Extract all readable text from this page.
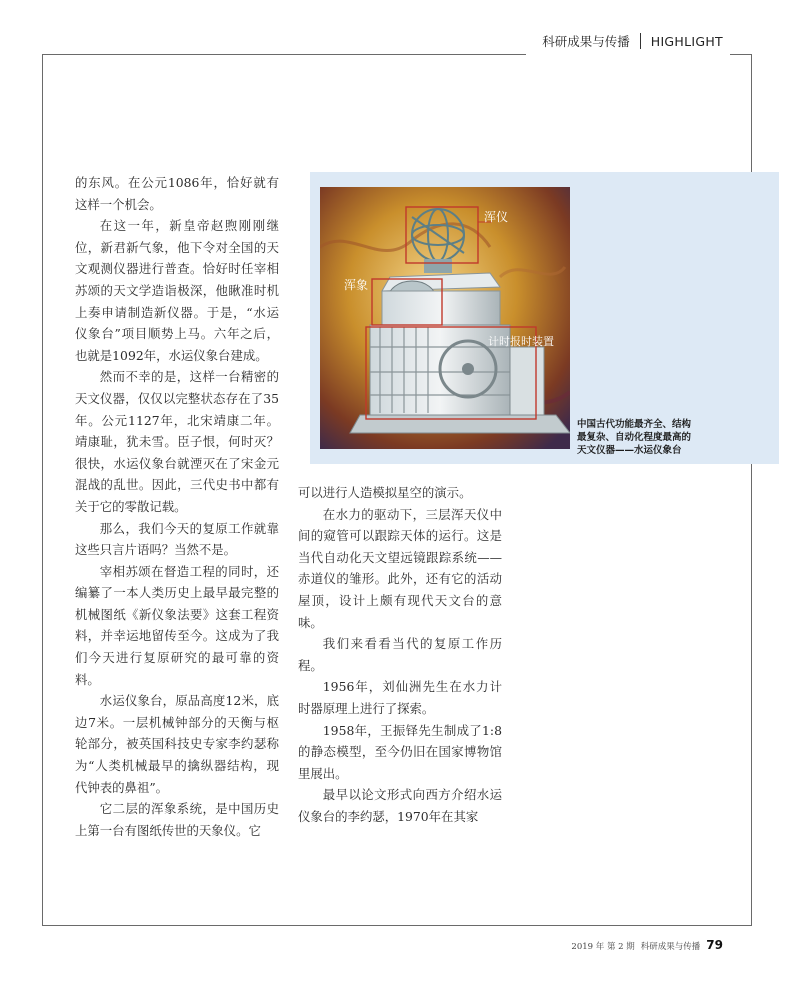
科研成果与传播 HIGHLIGHT
浑仪
浑象
计时报时装置
中国古代功能最齐全、结构
最复杂、自动化程度最高的
天文仪器——水运仪象台

的东风。在公元1086年，恰好就有这样一个机会。

在这一年，新皇帝赵煦刚刚继位，新君新气象，他下令对全国的天文观测仪器进行普查。恰好时任宰相苏颂的天文学造诣极深，他瞅准时机上奏申请制造新仪器。于是，“水运仪象台”项目顺势上马。六年之后，也就是1092年，水运仪象台建成。

然而不幸的是，这样一台精密的天文仪器，仅仅以完整状态存在了35年。公元1127年，北宋靖康二年。靖康耻，犹未雪。臣子恨，何时灭？很快，水运仪象台就湮灭在了宋金元混战的乱世。因此，三代史书中都有关于它的零散记载。

那么，我们今天的复原工作就靠这些只言片语吗？当然不是。

宰相苏颂在督造工程的同时，还编纂了一本人类历史上最早最完整的机械图纸《新仪象法要》这套工程资料，并幸运地留传至今。这成为了我们今天进行复原研究的最可靠的资料。

水运仪象台，原品高度12米，底边7米。一层机械钟部分的天衡与枢轮部分，被英国科技史专家李约瑟称为“人类机械最早的擒纵器结构，现代钟表的鼻祖”。

它二层的浑象系统，是中国历史上第一台有图纸传世的天象仪。它

可以进行人造模拟星空的演示。

在水力的驱动下，三层浑天仪中间的窥管可以跟踪天体的运行。这是当代自动化天文望远镜跟踪系统——赤道仪的雏形。此外，还有它的活动屋顶，设计上颇有现代天文台的意味。

我们来看看当代的复原工作历程。

1956年，刘仙洲先生在水力计时器原理上进行了探索。

1958年，王振铎先生制成了1:8的静态模型，至今仍旧在国家博物馆里展出。

最早以论文形式向西方介绍水运仪象台的李约瑟，1970年在其家

2019 年 第 2 期 科研成果与传播 79
